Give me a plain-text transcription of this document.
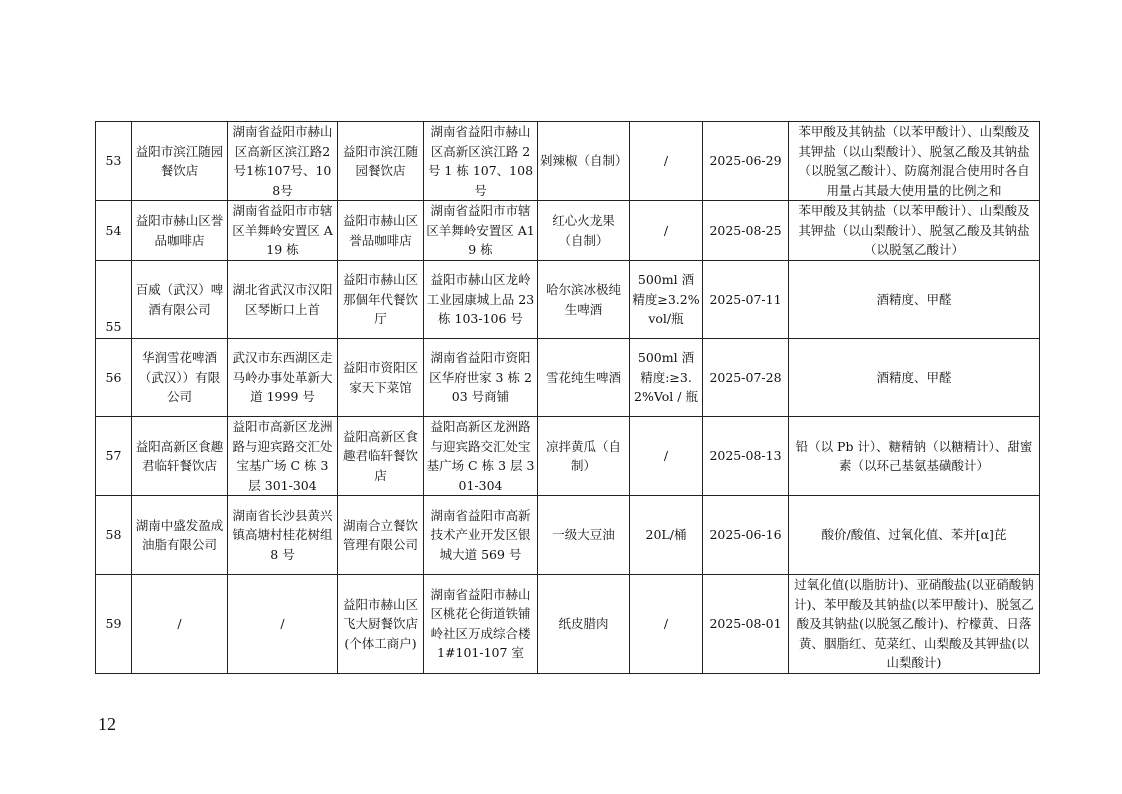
53	益阳市滨江随园餐饮店	湖南省益阳市赫山区高新区滨江路2号1栋107号、108号	益阳市滨江随园餐饮店	湖南省益阳市赫山区高新区滨江路 2 号 1 栋 107、108 号	剁辣椒（自制）	/	2025-06-29	苯甲酸及其钠盐（以苯甲酸计）、山梨酸及其钾盐（以山梨酸计）、脱氢乙酸及其钠盐（以脱氢乙酸计）、防腐剂混合使用时各自用量占其最大使用量的比例之和
54	益阳市赫山区誉品咖啡店	湖南省益阳市市辖区羊舞岭安置区 A19 栋	益阳市赫山区誉品咖啡店	湖南省益阳市市辖区羊舞岭安置区 A19 栋	红心火龙果（自制）	/	2025-08-25	苯甲酸及其钠盐（以苯甲酸计）、山梨酸及其钾盐（以山梨酸计）、脱氢乙酸及其钠盐（以脱氢乙酸计）
55	百威（武汉）啤酒有限公司	湖北省武汉市汉阳区琴断口上首	益阳市赫山区那個年代餐饮厅	益阳市赫山区龙岭工业园康城上品 23 栋 103-106 号	哈尔滨冰极纯生啤酒	500ml 酒精度≥3.2%vol/瓶	2025-07-11	酒精度、甲醛
56	华润雪花啤酒（武汉））有限公司	武汉市东西湖区走马岭办事处革新大道 1999 号	益阳市资阳区家天下菜馆	湖南省益阳市资阳区华府世家 3 栋 203 号商铺	雪花纯生啤酒	500ml 酒精度:≥3.2%Vol / 瓶	2025-07-28	酒精度、甲醛
57	益阳高新区食趣君临轩餐饮店	益阳市高新区龙洲路与迎宾路交汇处宝基广场 C 栋 3 层 301-304	益阳高新区食趣君临轩餐饮店	益阳高新区龙洲路与迎宾路交汇处宝基广场 C 栋 3 层 301-304	凉拌黄瓜（自制）	/	2025-08-13	铅（以 Pb 计）、糖精钠（以糖精计）、甜蜜素（以环己基氨基磺酸计）
58	湖南中盛发盈成油脂有限公司	湖南省长沙县黄兴镇高塘村桂花树组 8 号	湖南合立餐饮管理有限公司	湖南省益阳市高新技术产业开发区银城大道 569 号	一级大豆油	20L/桶	2025-06-16	酸价/酸值、过氧化值、苯并[α]芘
59	/	/	益阳市赫山区飞大厨餐饮店(个体工商户)	湖南省益阳市赫山区桃花仑街道铁铺岭社区万成综合楼 1#101-107 室	纸皮腊肉	/	2025-08-01	过氧化值(以脂肪计)、亚硝酸盐(以亚硝酸钠计)、苯甲酸及其钠盐(以苯甲酸计)、脱氢乙酸及其钠盐(以脱氢乙酸计)、柠檬黄、日落黄、胭脂红、苋菜红、山梨酸及其钾盐(以山梨酸计)
12
